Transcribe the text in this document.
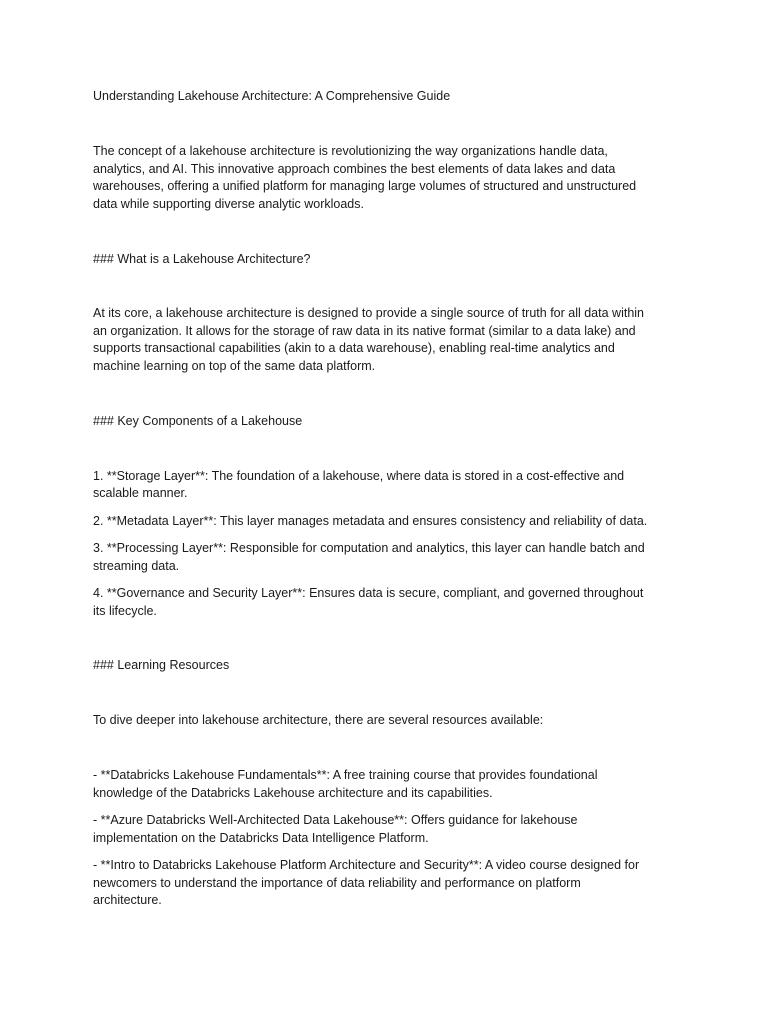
Understanding Lakehouse Architecture: A Comprehensive Guide

The concept of a lakehouse architecture is revolutionizing the way organizations handle data,

analytics, and AI. This innovative approach combines the best elements of data lakes and data

warehouses, offering a unified platform for managing large volumes of structured and unstructured

data while supporting diverse analytic workloads.

### What is a Lakehouse Architecture?

At its core, a lakehouse architecture is designed to provide a single source of truth for all data within

an organization. It allows for the storage of raw data in its native format (similar to a data lake) and

supports transactional capabilities (akin to a data warehouse), enabling real-time analytics and

machine learning on top of the same data platform.

### Key Components of a Lakehouse

1. **Storage Layer**: The foundation of a lakehouse, where data is stored in a cost-effective and

scalable manner.

2. **Metadata Layer**: This layer manages metadata and ensures consistency and reliability of data.

3. **Processing Layer**: Responsible for computation and analytics, this layer can handle batch and

streaming data.

4. **Governance and Security Layer**: Ensures data is secure, compliant, and governed throughout

its lifecycle.

### Learning Resources

To dive deeper into lakehouse architecture, there are several resources available:

- **Databricks Lakehouse Fundamentals**: A free training course that provides foundational

knowledge of the Databricks Lakehouse architecture and its capabilities.

- **Azure Databricks Well-Architected Data Lakehouse**: Offers guidance for lakehouse

implementation on the Databricks Data Intelligence Platform.

- **Intro to Databricks Lakehouse Platform Architecture and Security**: A video course designed for

newcomers to understand the importance of data reliability and performance on platform

architecture.
